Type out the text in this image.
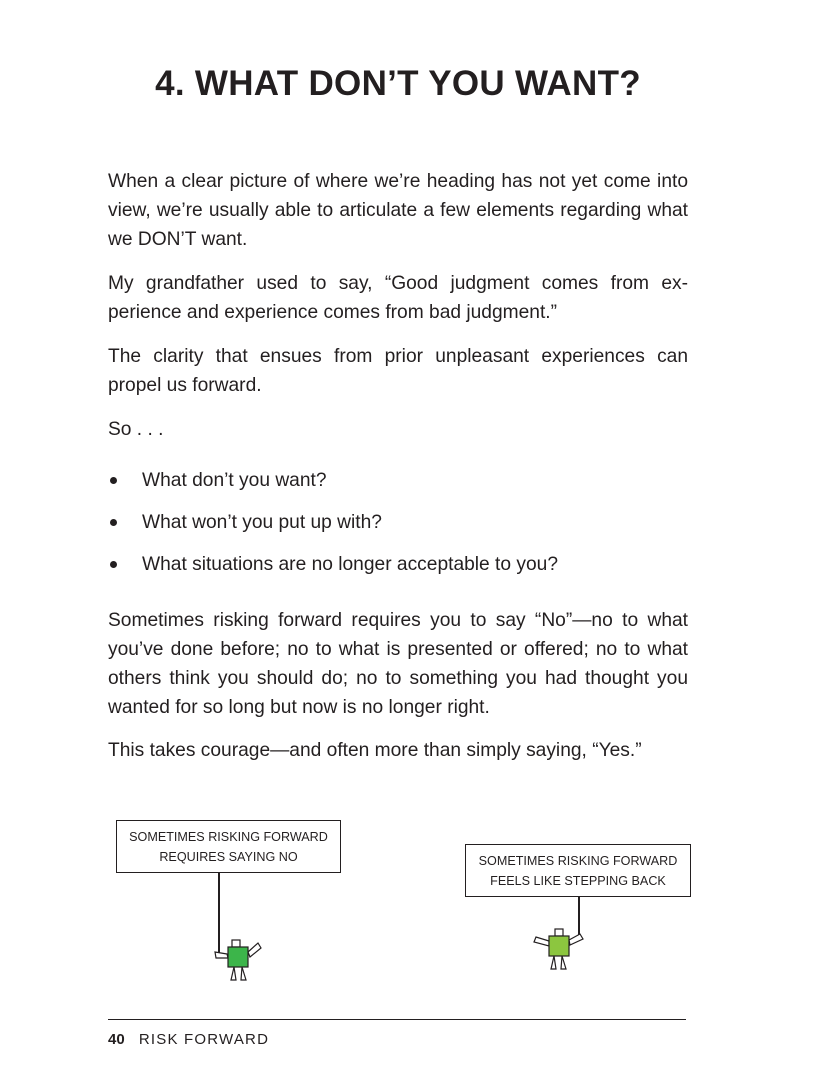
4. WHAT DON’T YOU WANT?

When a clear picture of where we’re heading has not yet come into view, we’re usually able to articulate a few elements regarding what we DON’T want.

My grandfather used to say, “Good judgment comes from experience and experience comes from bad judgment.”

The clarity that ensues from prior unpleasant experiences can propel us forward.

So . . .

What don’t you want?
What won’t you put up with?
What situations are no longer acceptable to you?

Sometimes risking forward requires you to say “No”—no to what you’ve done before; no to what is presented or offered; no to what others think you should do; no to something you had thought you wanted for so long but now is no longer right.

This takes courage—and often more than simply saying, “Yes.”

SOMETIMES RISKING FORWARD
REQUIRES SAYING NO	SOMETIMES RISKING FORWARD
FEELS LIKE STEPPING BACK
40 RISK FORWARD
